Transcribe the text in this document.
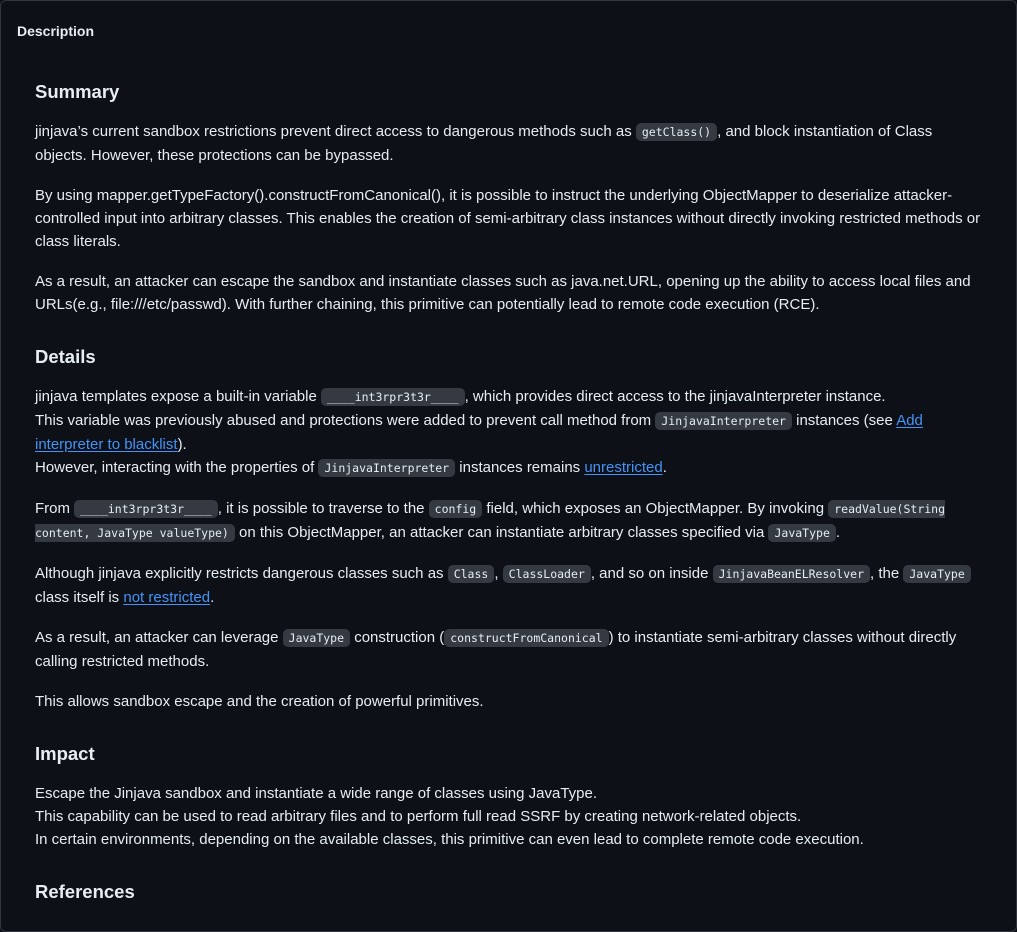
Description
Summary

jinjava’s current sandbox restrictions prevent direct access to dangerous methods such as getClass() , and block instantiation of Class objects. However, these protections can be bypassed.

By using mapper.getTypeFactory().constructFromCanonical(), it is possible to instruct the underlying ObjectMapper to deserialize attacker-controlled input into arbitrary classes. This enables the creation of semi-arbitrary class instances without directly invoking restricted methods or class literals.

As a result, an attacker can escape the sandbox and instantiate classes such as java.net.URL, opening up the ability to access local files and URLs(e.g., file:///etc/passwd). With further chaining, this primitive can potentially lead to remote code execution (RCE).

Details

jinjava templates expose a built-in variable ____int3rpr3t3r____ , which provides direct access to the jinjavaInterpreter instance.
This variable was previously abused and protections were added to prevent call method from JinjavaInterpreter instances (see Add interpreter to blacklist).
However, interacting with the properties of JinjavaInterpreter instances remains unrestricted.

From ____int3rpr3t3r____ , it is possible to traverse to the config field, which exposes an ObjectMapper. By invoking readValue(String content, JavaType valueType) on this ObjectMapper, an attacker can instantiate arbitrary classes specified via JavaType .

Although jinjava explicitly restricts dangerous classes such as Class , ClassLoader , and so on inside JinjavaBeanELResolver , the JavaType class itself is not restricted.

As a result, an attacker can leverage JavaType construction ( constructFromCanonical ) to instantiate semi-arbitrary classes without directly calling restricted methods.

This allows sandbox escape and the creation of powerful primitives.

Impact

Escape the Jinjava sandbox and instantiate a wide range of classes using JavaType.
This capability can be used to read arbitrary files and to perform full read SSRF by creating network-related objects.
In certain environments, depending on the available classes, this primitive can even lead to complete remote code execution.

References
